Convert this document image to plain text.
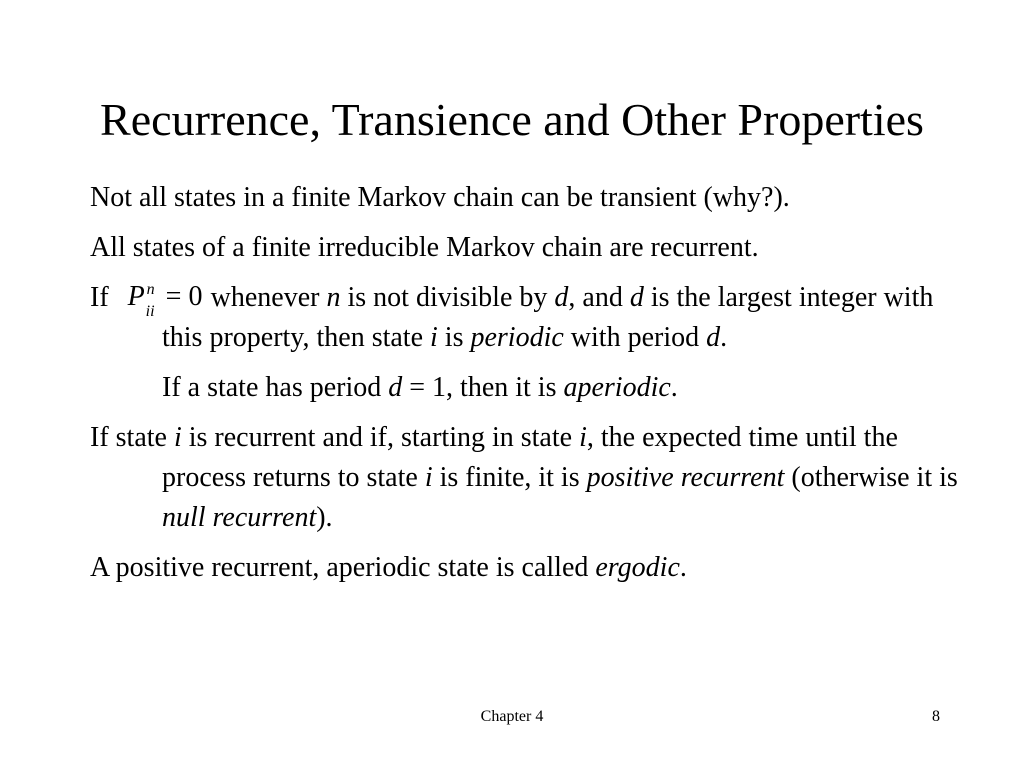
Recurrence, Transience and Other Properties
Not all states in a finite Markov chain can be transient (why?).
All states of a finite irreducible Markov chain are recurrent.
If P n
ii = 0 whenever n is not divisible by d, and d is the largest integer with this property, then state i is periodic with period d.
If a state has period d = 1, then it is aperiodic.
If state i is recurrent and if, starting in state i, the expected time until the process returns to state i is finite, it is positive recurrent (otherwise it is null recurrent).
A positive recurrent, aperiodic state is called ergodic.
Chapter 4	8
